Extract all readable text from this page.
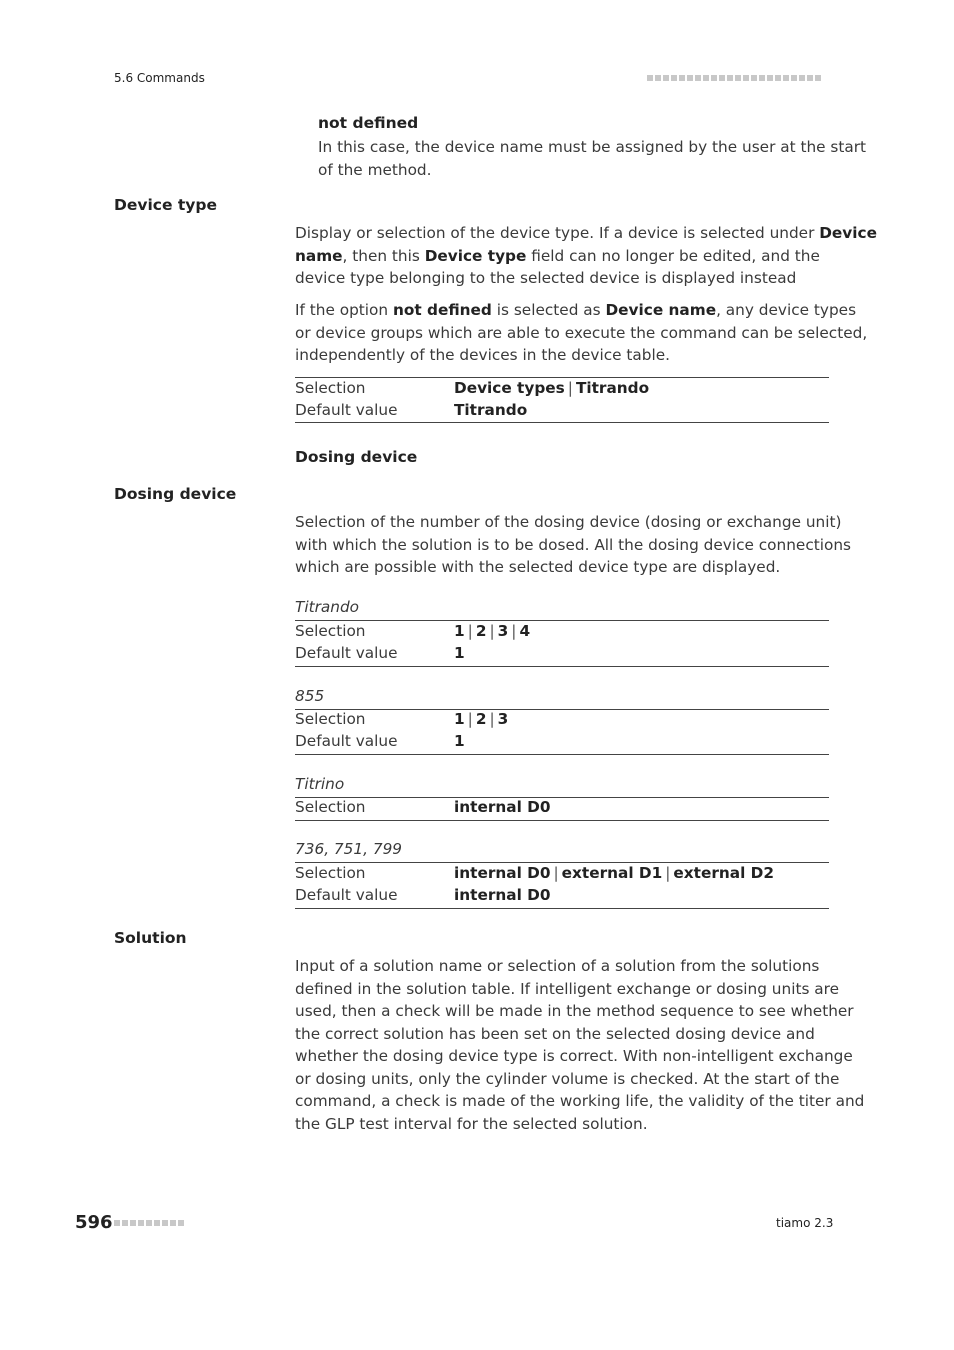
5.6 Commands
not defined
In this case, the device name must be assigned by the user at the start
of the method.
Device type
Display or selection of the device type. If a device is selected under Device
name, then this Device type field can no longer be edited, and the
device type belonging to the selected device is displayed instead
If the option not defined is selected as Device name, any device types
or device groups which are able to execute the command can be selected,
independently of the devices in the device table.
Selection	Device types | Titrando
Default value	Titrando
Dosing device
Dosing device
Selection of the number of the dosing device (dosing or exchange unit)
with which the solution is to be dosed. All the dosing device connections
which are possible with the selected device type are displayed.
Titrando
Selection	1 | 2 | 3 | 4
Default value	1
855
Selection	1 | 2 | 3
Default value	1
Titrino
Selection	internal D0
736, 751, 799
Selection	internal D0 | external D1 | external D2
Default value	internal D0
Solution
Input of a solution name or selection of a solution from the solutions
defined in the solution table. If intelligent exchange or dosing units are
used, then a check will be made in the method sequence to see whether
the correct solution has been set on the selected dosing device and
whether the dosing device type is correct. With non-intelligent exchange
or dosing units, only the cylinder volume is checked. At the start of the
command, a check is made of the working life, the validity of the titer and
the GLP test interval for the selected solution.
596	tiamo 2.3
